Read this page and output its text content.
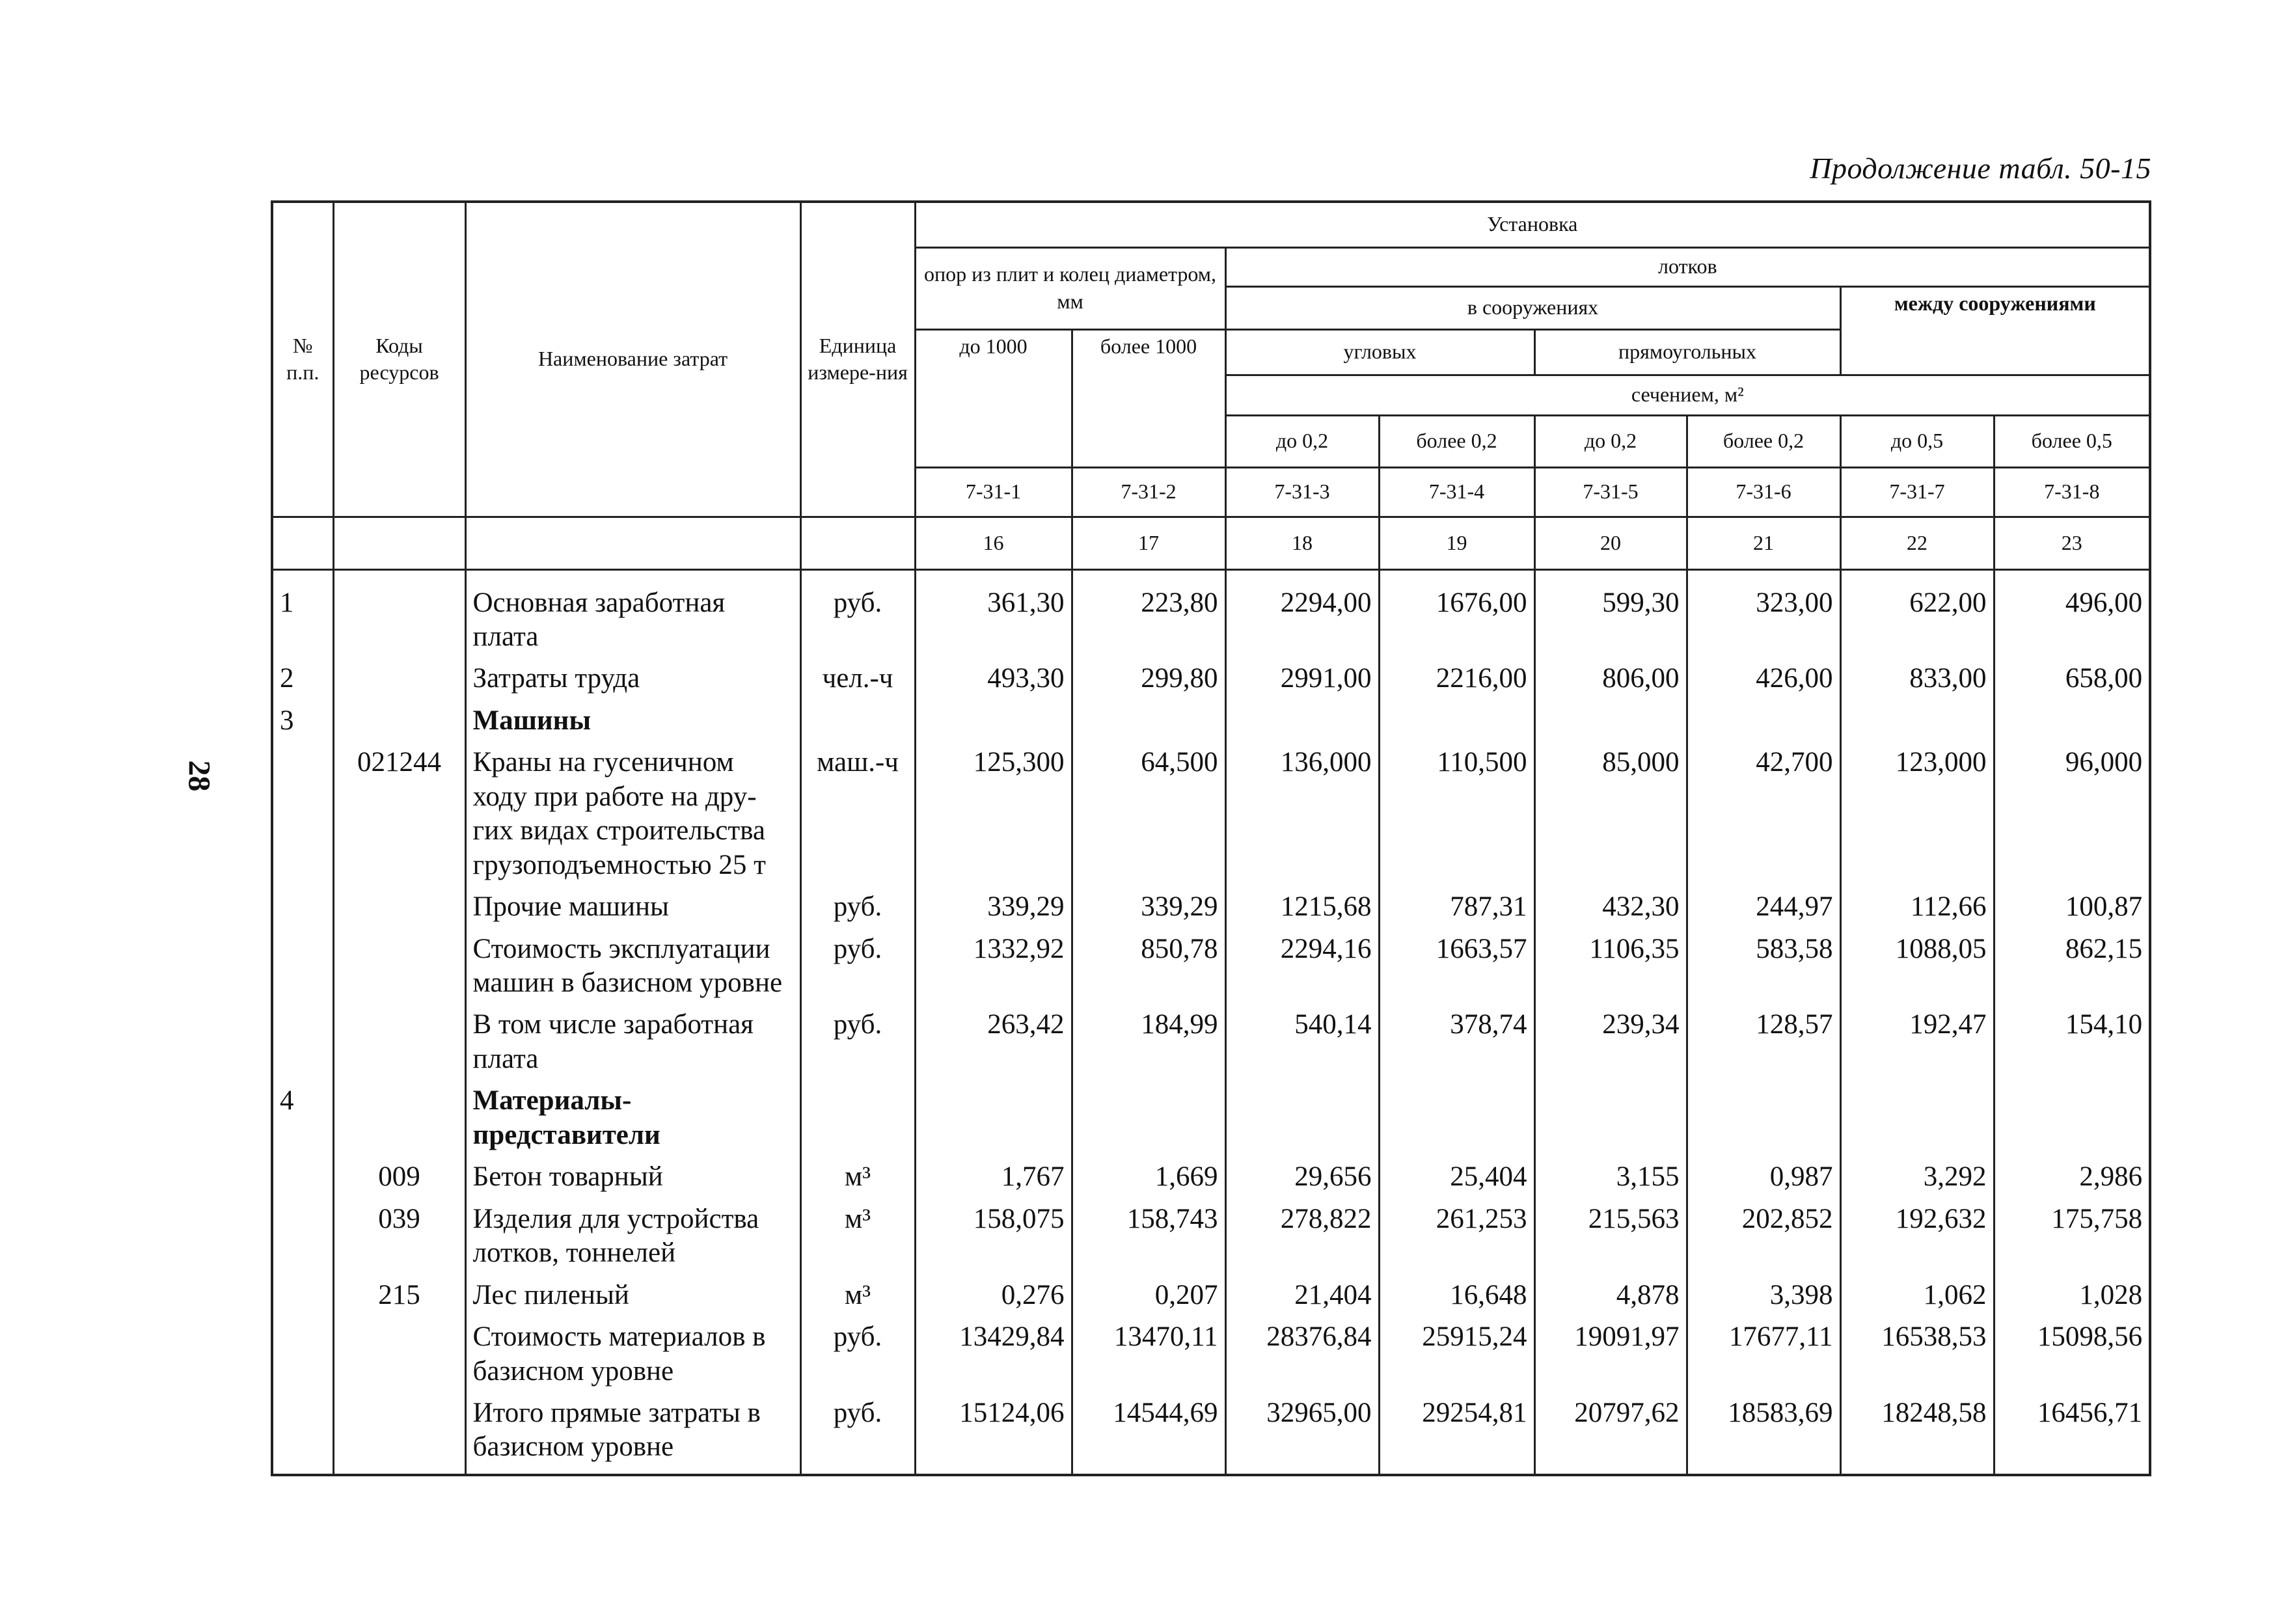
Продолжение табл. 50-15
28
№ п.п.	Коды ресурсов	Наименование затрат	Единица измере-ния	Установка							
				опор из плит и колец диаметром, мм		лотков					
						в сооружениях				между сооружениями	
				до 1000	более 1000	угловых		прямоугольных			
						сечением, м²					
						до 0,2	более 0,2	до 0,2	более 0,2	до 0,5	более 0,5
				7-31-1	7-31-2	7-31-3	7-31-4	7-31-5	7-31-6	7-31-7	7-31-8
				16	17	18	19	20	21	22	23
1		Основная заработная плата	руб.	361,30	223,80	2294,00	1676,00	599,30	323,00	622,00	496,00
2		Затраты труда	чел.-ч	493,30	299,80	2991,00	2216,00	806,00	426,00	833,00	658,00
3		Машины									
	021244	Краны на гусеничном ходу при работе на дру-гих видах строительства грузоподъемностью 25 т	маш.-ч	125,300	64,500	136,000	110,500	85,000	42,700	123,000	96,000
		Прочие машины	руб.	339,29	339,29	1215,68	787,31	432,30	244,97	112,66	100,87
		Стоимость эксплуатации машин в базисном уровне	руб.	1332,92	850,78	2294,16	1663,57	1106,35	583,58	1088,05	862,15
		В том числе заработная плата	руб.	263,42	184,99	540,14	378,74	239,34	128,57	192,47	154,10
4		Материалы-представители									
	009	Бетон товарный	м³	1,767	1,669	29,656	25,404	3,155	0,987	3,292	2,986
	039	Изделия для устройства лотков, тоннелей	м³	158,075	158,743	278,822	261,253	215,563	202,852	192,632	175,758
	215	Лес пиленый	м³	0,276	0,207	21,404	16,648	4,878	3,398	1,062	1,028
		Стоимость материалов в базисном уровне	руб.	13429,84	13470,11	28376,84	25915,24	19091,97	17677,11	16538,53	15098,56
		Итого прямые затраты в базисном уровне	руб.	15124,06	14544,69	32965,00	29254,81	20797,62	18583,69	18248,58	16456,71
